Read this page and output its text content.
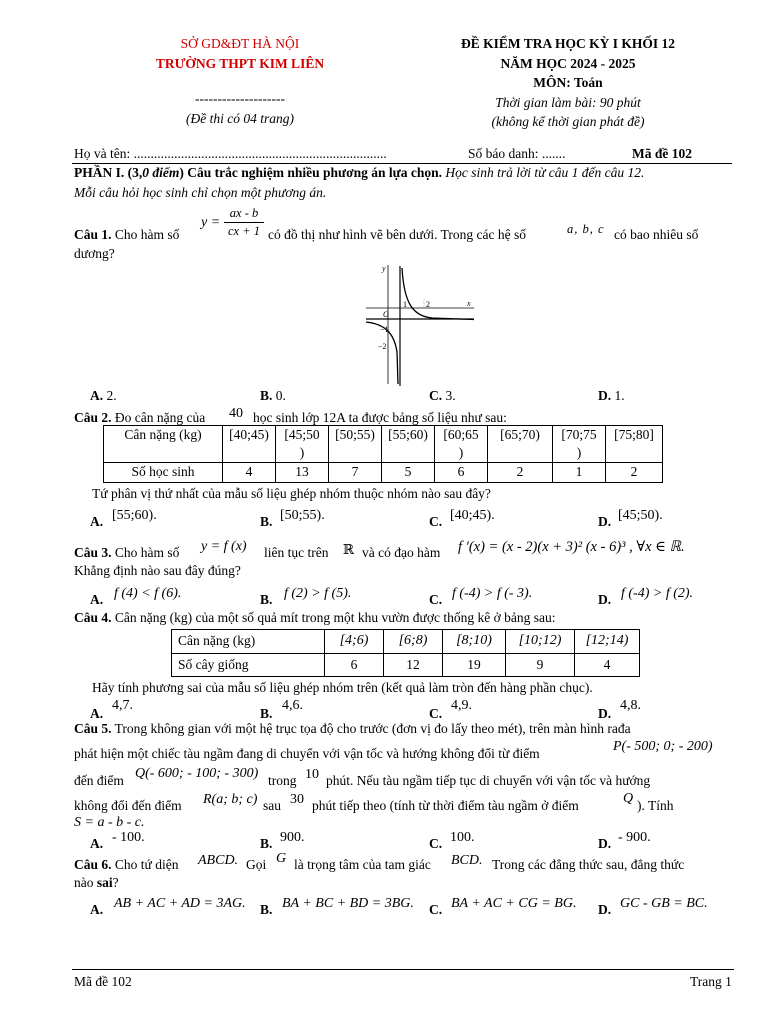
SỞ GD&ĐT HÀ NỘI
TRƯỜNG THPT KIM LIÊN
--------------------
(Đề thi có 04 trang)
ĐỀ KIỂM TRA HỌC KỲ I KHỐI 12
NĂM HỌC 2024 - 2025
MÔN: Toán
Thời gian làm bài: 90 phút
(không kể thời gian phát đề)
Họ và tên: ...........................................................................	Số báo danh: .......	Mã đề 102
PHẦN I. (3,0 điểm) Câu trắc nghiệm nhiều phương án lựa chọn. Học sinh trả lời từ câu 1 đến câu 12.
Mỗi câu hỏi học sinh chỉ chọn một phương án.
Câu 1. Cho hàm số
y =
ax - b
cx + 1 có đồ thị như hình vẽ bên dưới. Trong các hệ số	a, b, c có bao nhiêu số
dương?
y
x
1 2
O
−1
−2
A. 2.	B. 0.	C. 3.	D. 1.
Câu 2. Đo cân nặng của 40 học sinh lớp 12A ta được bảng số liệu như sau:
Cân nặng (kg)	[40;45)	[45;50
)	[50;55)	[55;60)	[60;65
)	[65;70)	[70;75
)	[75;80]
Số học sinh	4	13	7	5	6	2	1	2
Tứ phân vị thứ nhất của mẫu số liệu ghép nhóm thuộc nhóm nào sau đây?
A. [55;60).	B. [50;55).	C. [40;45).	D. [45;50).
Câu 3. Cho hàm số y = f (x) liên tục trên ℝ và có đạo hàm f ′(x) = (x - 2)(x + 3)² (x - 6)³ , ∀x ∈ ℝ.
Khẳng định nào sau đây đúng?
A. f (4) < f (6).	B. f (2) > f (5).	C. f (-4) > f (- 3).	D. f (-4) > f (2).
Câu 4. Cân nặng (kg) của một số quả mít trong một khu vườn được thống kê ở bảng sau:
Cân nặng (kg)	[4;6)	[6;8)	[8;10)	[10;12)	[12;14)
Số cây giống	6	12	19	9	4
Hãy tính phương sai của mẫu số liệu ghép nhóm trên (kết quả làm tròn đến hàng phần chục).
A.
4,7.
B.
4,6.
C.
4,9.
D.
4,8.
Câu 5. Trong không gian với một hệ trục tọa độ cho trước (đơn vị đo lấy theo mét), trên màn hình rađa
phát hiện một chiếc tàu ngầm đang di chuyển với vận tốc và hướng không đổi từ điểm	P(- 500; 0; - 200)
đến điểm Q(- 600; - 100; - 300) trong 10 phút. Nếu tàu ngầm tiếp tục di chuyển với vận tốc và hướng
không đổi đến điểm R(a; b; c) sau 30 phút tiếp theo (tính từ thời điểm tàu ngầm ở điểm	Q ). Tính
S = a - b - c.
A. - 100.	B. 900.	C. 100.	D. - 900.
Câu 6. Cho tứ diện ABCD. Gọi G là trọng tâm của tam giác BCD. Trong các đẳng thức sau, đẳng thức
nào sai?
A. AB + AC + AD = 3AG. B. BA + BC + BD = 3BG. C. BA + AC + CG = BG. D. GC - GB = BC.
Mã đề 102	Trang 1
